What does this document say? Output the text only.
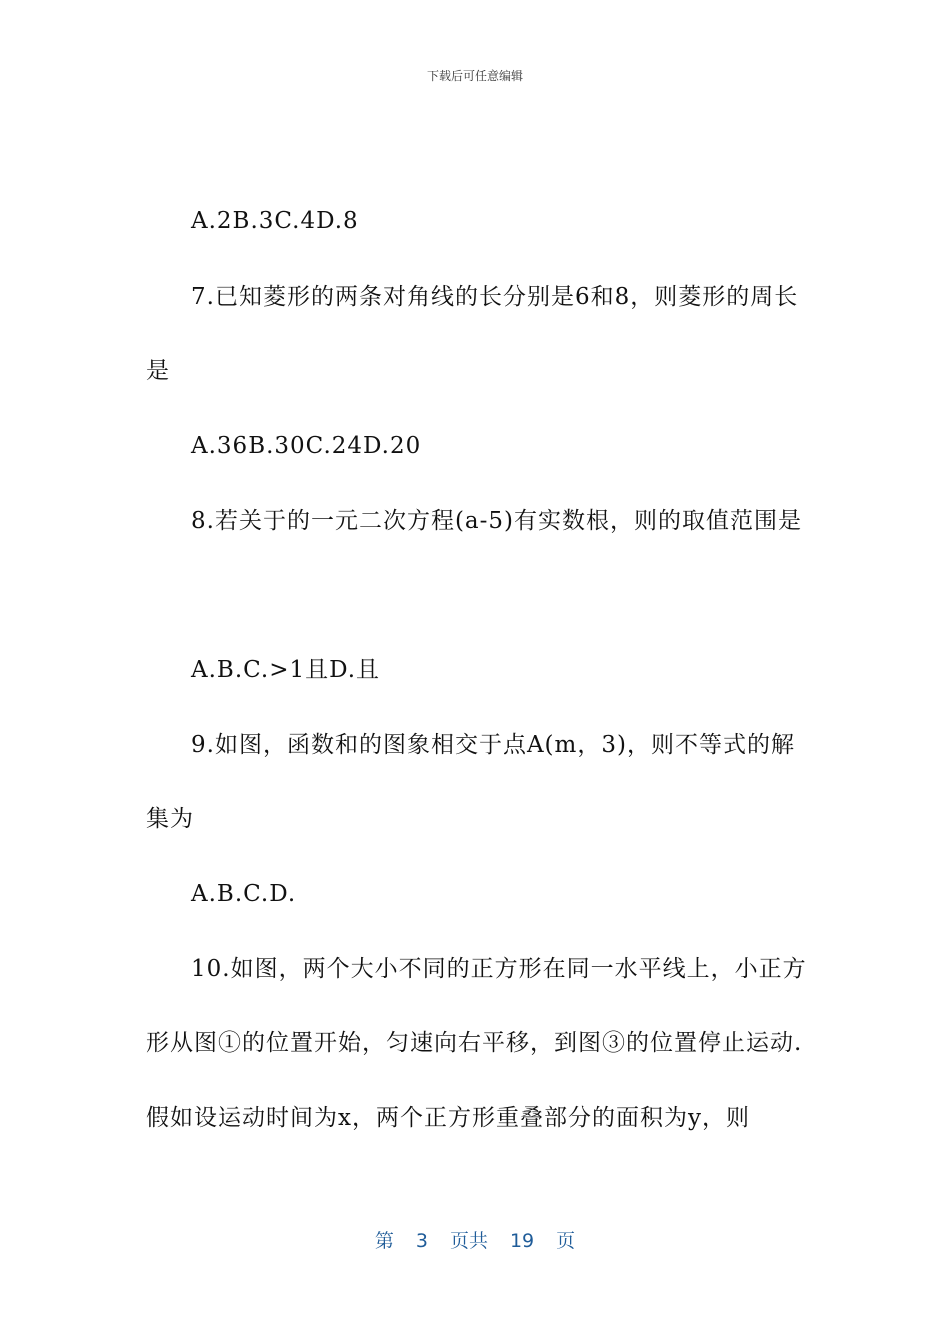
下载后可任意编辑
A.2B.3C.4D.8
7.已知菱形的两条对角线的长分别是6和8，则菱形的周长
是
A.36B.30C.24D.20
8.若关于的一元二次方程(a-5)有实数根，则的取值范围是
A.B.C.>1且D.且
9.如图，函数和的图象相交于点A(m，3)，则不等式的解
集为
A.B.C.D.
10.如图，两个大小不同的正方形在同一水平线上，小正方
形从图①的位置开始，匀速向右平移，到图③的位置停止运动.
假如设运动时间为x，两个正方形重叠部分的面积为y，则
第 3 页共 19 页
